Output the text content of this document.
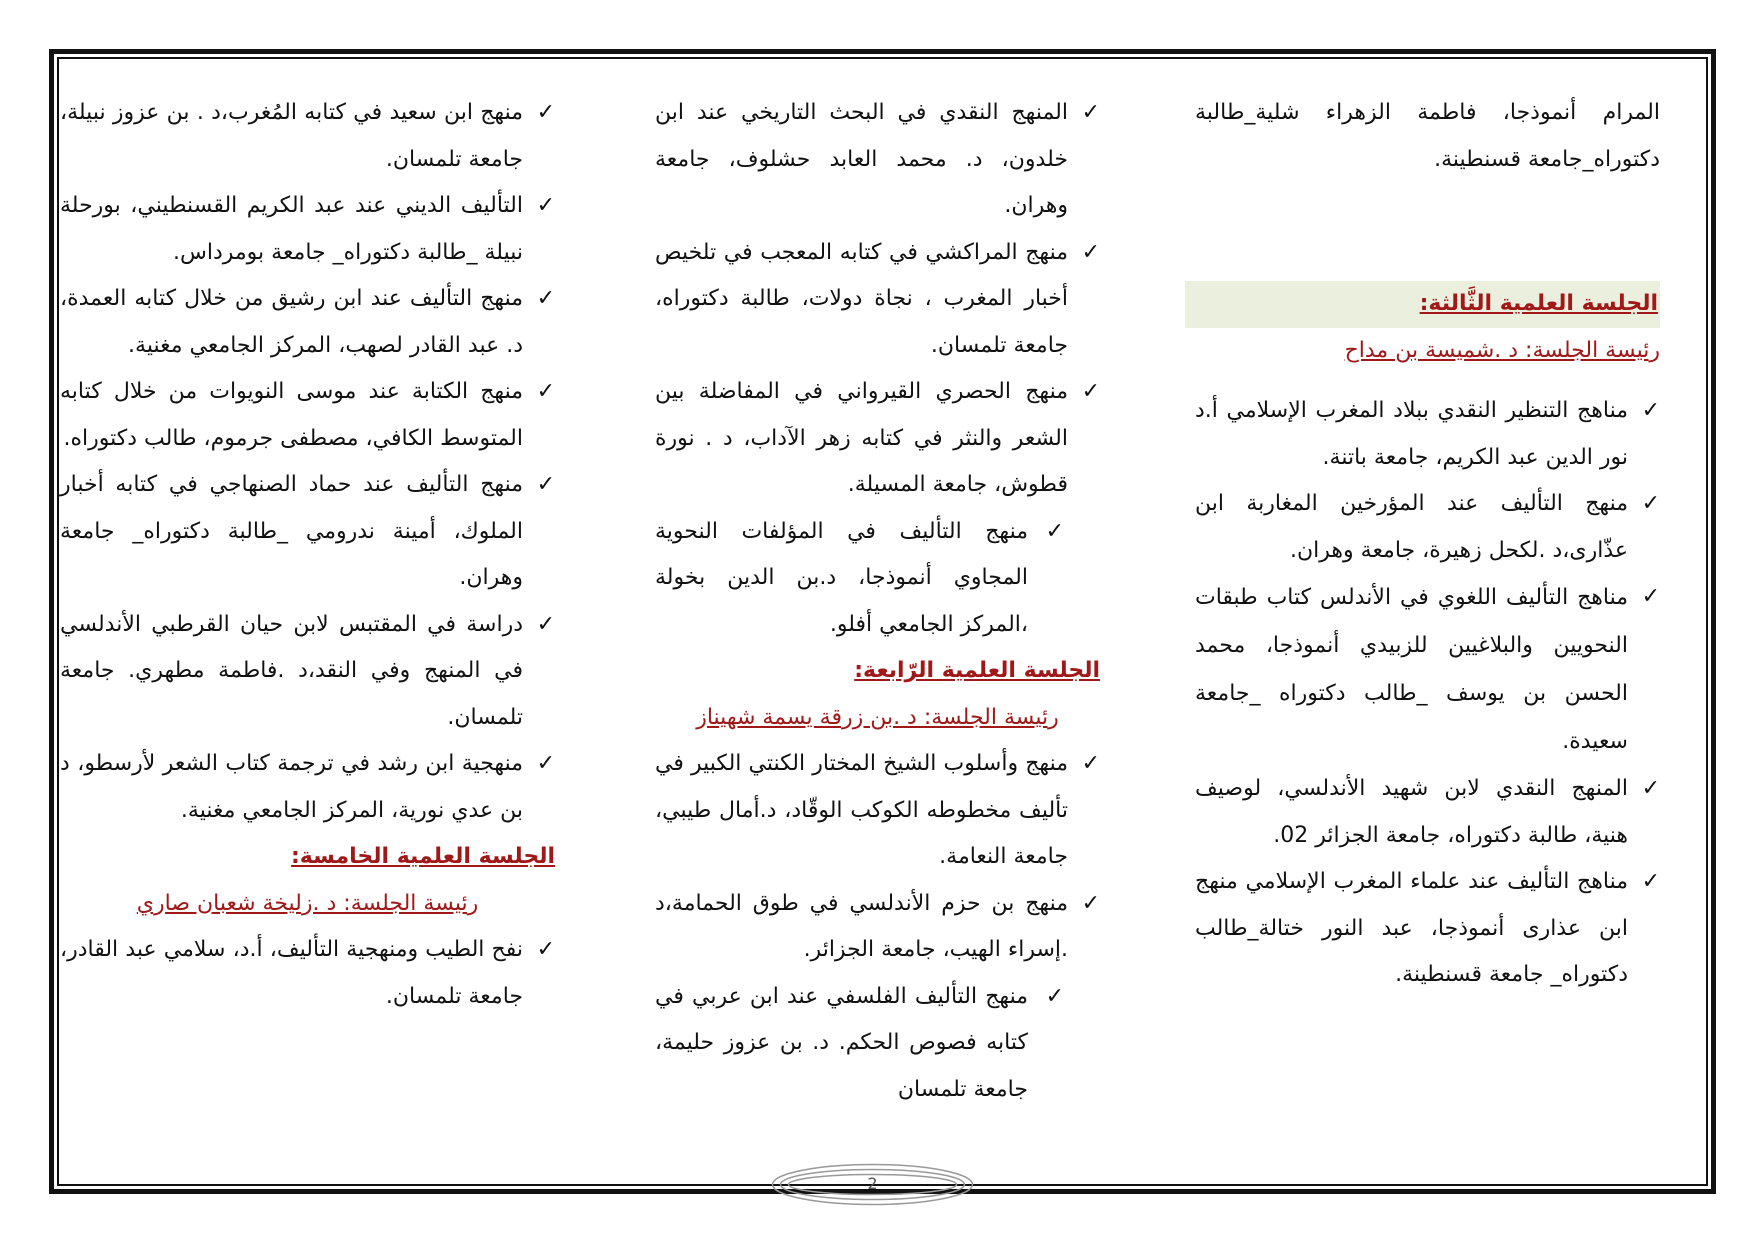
المرام أنموذجا، فاطمة الزهراء شلية_طالبة دكتوراه_جامعة قسنطينة.

الجلسة العلمية الثَّالثة:

رئيسة الجلسة: د .شميسة بن مداح

✓
مناهج التنظير النقدي ببلاد المغرب الإسلامي أ.د نور الدين عبد الكريم، جامعة باتنة.
✓
منهج التأليف عند المؤرخين المغاربة ابن عذّارى،د .لكحل زهيرة، جامعة وهران.
✓
مناهج التأليف اللغوي في الأندلس كتاب طبقات النحويين والبلاغيين للزبيدي أنموذجا، محمد الحسن بن يوسف _طالب دكتوراه _جامعة سعيدة.
✓
المنهج النقدي لابن شهيد الأندلسي، لوصيف هنية، طالبة دكتوراه، جامعة الجزائر 02.
✓
مناهج التأليف عند علماء المغرب الإسلامي منهج ابن عذارى أنموذجا، عبد النور ختالة_طالب دكتوراه_ جامعة قسنطينة.
✓
المنهج النقدي في البحث التاريخي عند ابن خلدون، د. محمد العابد حشلوف، جامعة وهران.
✓
منهج المراكشي في كتابه المعجب في تلخيص أخبار المغرب ، نجاة دولات، طالبة دكتوراه، جامعة تلمسان.
✓
منهج الحصري القيرواني في المفاضلة بين الشعر والنثر في كتابه زهر الآداب، د . نورة قطوش، جامعة المسيلة.
✓
منهج التأليف في المؤلفات النحوية المجاوي أنموذجا، د.بن الدين بخولة ،المركز الجامعي أفلو.

الجلسة العلمية الرّابعة:

رئيسة الجلسة: د .بن زرقة يسمة شهيناز

✓
منهج وأسلوب الشيخ المختار الكنتي الكبير في تأليف مخطوطه الكوكب الوقّاد، د.أمال طيبي، جامعة النعامة.
✓
منهج بن حزم الأندلسي في طوق الحمامة،د .إسراء الهيب، جامعة الجزائر.
✓
منهج التأليف الفلسفي عند ابن عربي في كتابه فصوص الحكم. د. بن عزوز حليمة، جامعة تلمسان
✓
منهج ابن سعيد في كتابه المُغرب،د . بن عزوز نبيلة، جامعة تلمسان.
✓
التأليف الديني عند عبد الكريم القسنطيني، بورحلة نبيلة _طالبة دكتوراه_ جامعة بومرداس.
✓
منهج التأليف عند ابن رشيق من خلال كتابه العمدة، د. عبد القادر لصهب، المركز الجامعي مغنية.
✓
منهج الكتابة عند موسى النويوات من خلال كتابه المتوسط الكافي، مصطفى جرموم، طالب دكتوراه.
✓
منهج التأليف عند حماد الصنهاجي في كتابه أخبار الملوك، أمينة ندرومي _طالبة دكتوراه_ جامعة وهران.
✓
دراسة في المقتبس لابن حيان القرطبي الأندلسي في المنهج وفي النقد،د .فاطمة مطهري. جامعة تلمسان.
✓
منهجية ابن رشد في ترجمة كتاب الشعر لأرسطو، د بن عدي نورية، المركز الجامعي مغنية.

الجلسة العلمية الخامسة:

رئيسة الجلسة: د .زليخة شعبان صاري

✓
نفح الطيب ومنهجية التأليف، أ.د، سلامي عبد القادر، جامعة تلمسان.
2
